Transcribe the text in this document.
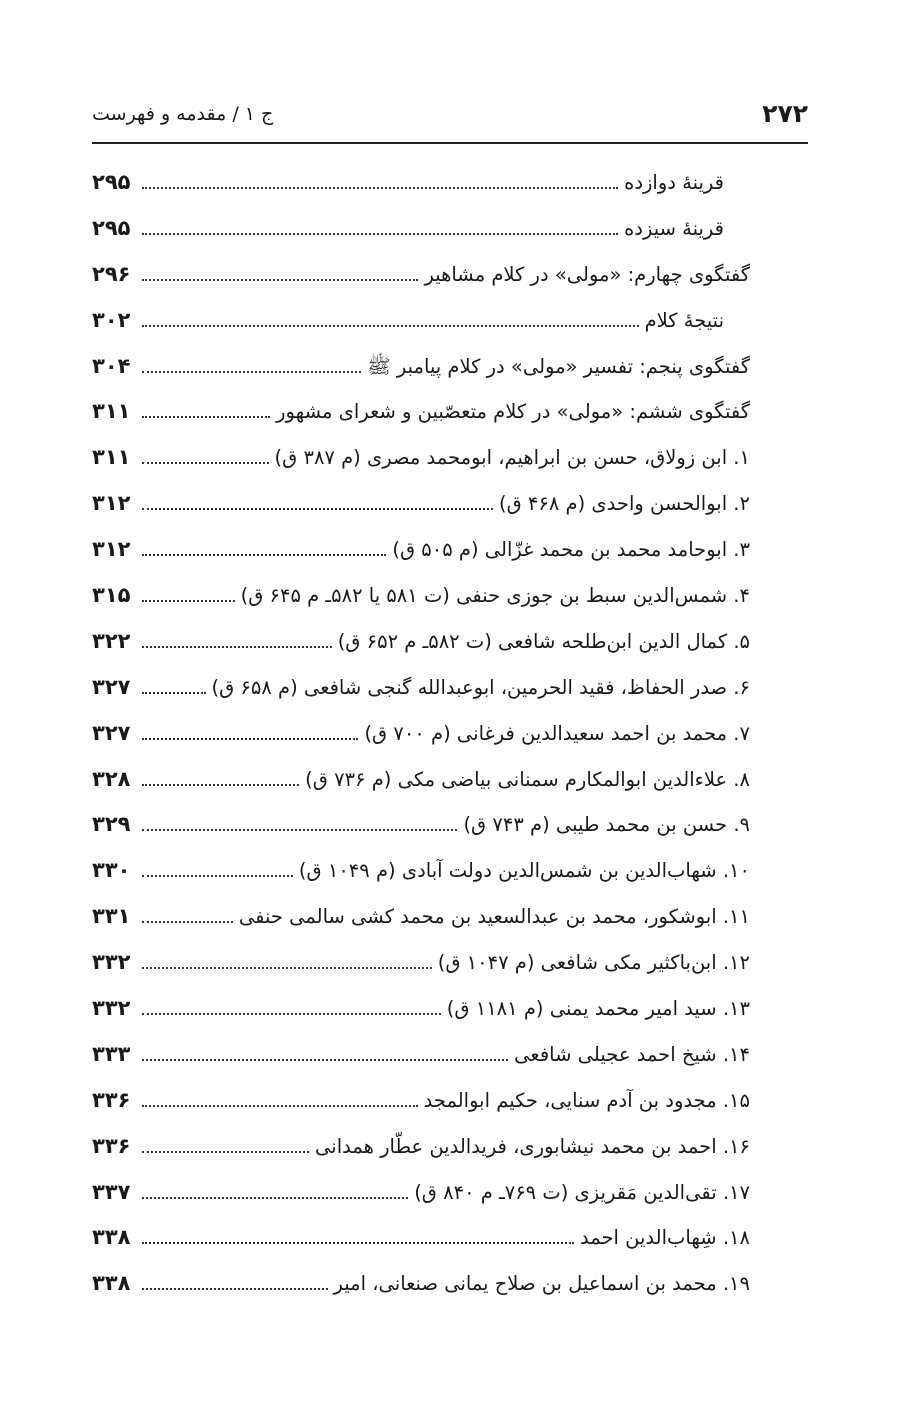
۲۷۲
ج ۱ / مقدمه و فهرست
قرینهٔ دوازده
۲۹۵
قرینهٔ سیزده
۲۹۵
گفتگوی چهارم: «مولی» در کلام مشاهیر
۲۹۶
نتیجهٔ کلام
۳۰۲
گفتگوی پنجم: تفسیر «مولی» در کلام پیامبر ﷺ
۳۰۴
گفتگوی ششم: «مولی» در کلام متعصّبین و شعرای مشهور
۳۱۱
۱. ابن زولاق، حسن بن ابراهیم، ابومحمد مصری (م ۳۸۷ ق)
۳۱۱
۲. ابوالحسن واحدی (م ۴۶۸ ق)
۳۱۲
۳. ابوحامد محمد بن محمد غزّالی (م ۵۰۵ ق)
۳۱۲
۴. شمس‌الدین سبط بن جوزی حنفی (ت ۵۸۱ یا ۵۸۲ـ م ۶۴۵ ق)
۳۱۵
۵. کمال الدین ابن‌طلحه شافعی (ت ۵۸۲ـ م ۶۵۲ ق)
۳۲۲
۶. صدر الحفاظ، فقید الحرمین، ابوعبدالله گنجی شافعی (م ۶۵۸ ق)
۳۲۷
۷. محمد بن احمد سعیدالدین فرغانی (م ۷۰۰ ق)
۳۲۷
۸. علاءالدین ابوالمکارم سمنانی بیاضی مکی (م ۷۳۶ ق)
۳۲۸
۹. حسن بن محمد طیبی (م ۷۴۳ ق)
۳۲۹
۱۰. شهاب‌الدین بن شمس‌الدین دولت آبادی (م ۱۰۴۹ ق)
۳۳۰
۱۱. ابوشکور، محمد بن عبدالسعید بن محمد کشی سالمی حنفی
۳۳۱
۱۲. ابن‌باکثیر مکی شافعی (م ۱۰۴۷ ق)
۳۳۲
۱۳. سید امیر محمد یمنی (م ۱۱۸۱ ق)
۳۳۲
۱۴. شیخ احمد عجیلی شافعی
۳۳۳
۱۵. مجدود بن آدم سنایی، حکیم ابوالمجد
۳۳۶
۱۶. احمد بن محمد نیشابوری، فریدالدین عطّار همدانی
۳۳۶
۱۷. تقی‌الدین مَقریزی (ت ۷۶۹ـ م ۸۴۰ ق)
۳۳۷
۱۸. شِهاب‌الدین احمد
۳۳۸
۱۹. محمد بن اسماعیل بن صلاح یمانی صنعانی، امیر
۳۳۸
